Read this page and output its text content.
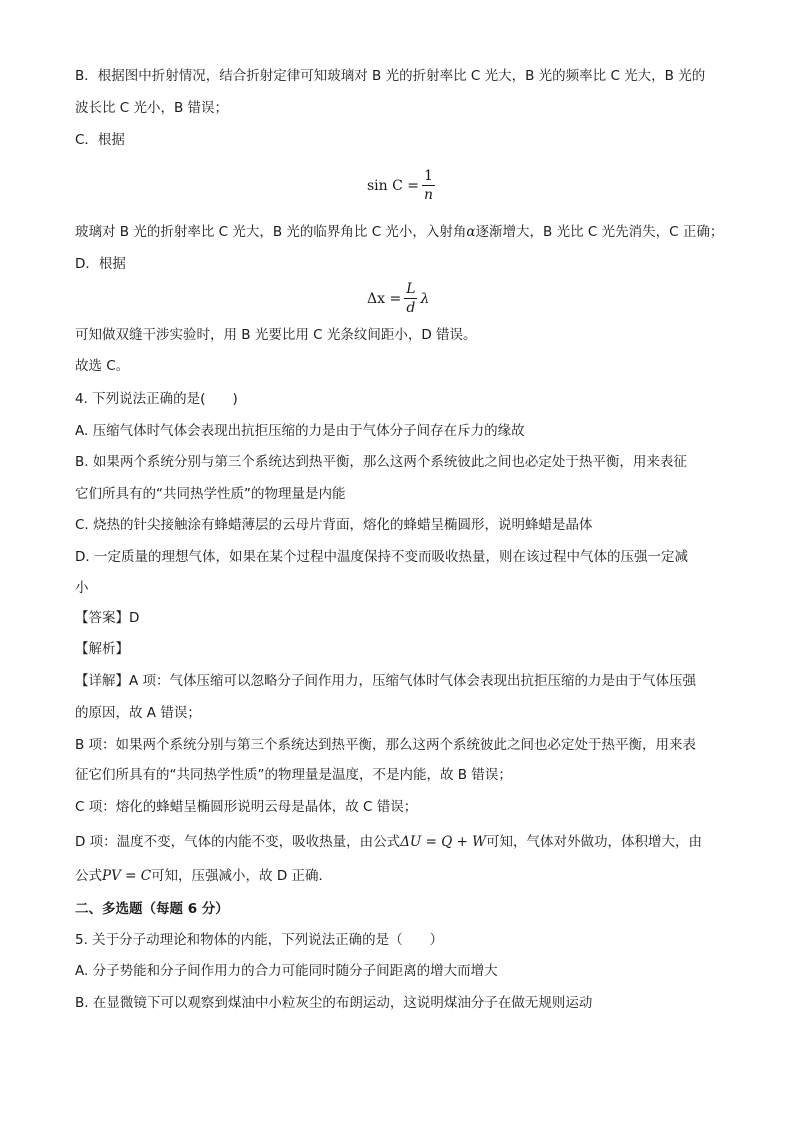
B．根据图中折射情况，结合折射定律可知玻璃对 B 光的折射率比 C 光大，B 光的频率比 C 光大，B 光的
波长比 C 光小，B 错误；
C．根据
$\sin C = \frac{1}{n}$
玻璃对 B 光的折射率比 C 光大，B 光的临界角比 C 光小，入射角α逐渐增大，B 光比 C 光先消失，C 正确；
D．根据
$\Delta x = \frac{L}{d}$ λ
可知做双缝干涉实验时，用 B 光要比用 C 光条纹间距小，D 错误。
故选 C。
4. 下列说法正确的是(　　)
A. 压缩气体时气体会表现出抗拒压缩的力是由于气体分子间存在斥力的缘故
B. 如果两个系统分别与第三个系统达到热平衡，那么这两个系统彼此之间也必定处于热平衡，用来表征
它们所具有的“共同热学性质”的物理量是内能
C. 烧热的针尖接触涂有蜂蜡薄层的云母片背面，熔化的蜂蜡呈椭圆形，说明蜂蜡是晶体
D. 一定质量的理想气体，如果在某个过程中温度保持不变而吸收热量，则在该过程中气体的压强一定减
小
【答案】D
【解析】
【详解】A 项：气体压缩可以忽略分子间作用力，压缩气体时气体会表现出抗拒压缩的力是由于气体压强
的原因，故 A 错误；
B 项：如果两个系统分别与第三个系统达到热平衡，那么这两个系统彼此之间也必定处于热平衡，用来表
征它们所具有的“共同热学性质”的物理量是温度，不是内能，故 B 错误；
C 项：熔化的蜂蜡呈椭圆形说明云母是晶体，故 C 错误；
D 项：温度不变，气体的内能不变，吸收热量，由公式ΔU = Q + W可知，气体对外做功，体积增大，由
公式PV = C可知，压强减小，故 D 正确．
二、多选题（每题 6 分）
5. 关于分子动理论和物体的内能，下列说法正确的是（　　）
A. 分子势能和分子间作用力的合力可能同时随分子间距离的增大而增大
B. 在显微镜下可以观察到煤油中小粒灰尘的布朗运动，这说明煤油分子在做无规则运动
